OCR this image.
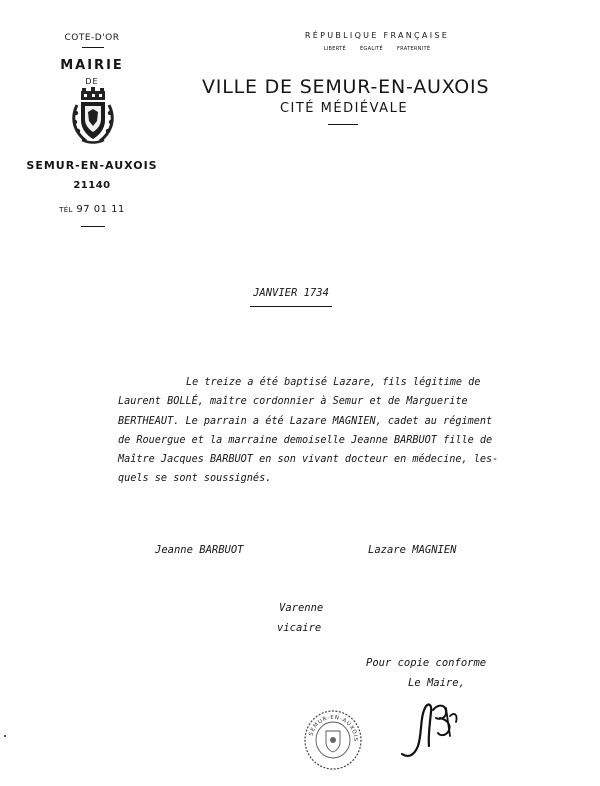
COTE-D'OR
MAIRIE
DE
SEMUR-EN-AUXOIS
21140
TÉL 97 01 11
RÉPUBLIQUE FRANÇAISE
LIBERTÉ	ÉGALITÉ	FRATERNITÉ
VILLE DE SEMUR-EN-AUXOIS
CITÉ MÉDIÉVALE
JANVIER 1734
Le treize a été baptisé Lazare, fils légitime de
Laurent BOLLÉ, maître cordonnier à Semur et de Marguerite
BERTHEAUT. Le parrain a été Lazare MAGNIEN, cadet au régiment
de Rouergue et la marraine demoiselle Jeanne BARBUOT fille de
Maître Jacques BARBUOT en son vivant docteur en médecine, les-
quels se sont soussignés.
Jeanne BARBUOT	Lazare MAGNIEN
Varenne
vicaire
Pour copie conforme
Le Maire,
SEMUR-EN-AUXOIS
